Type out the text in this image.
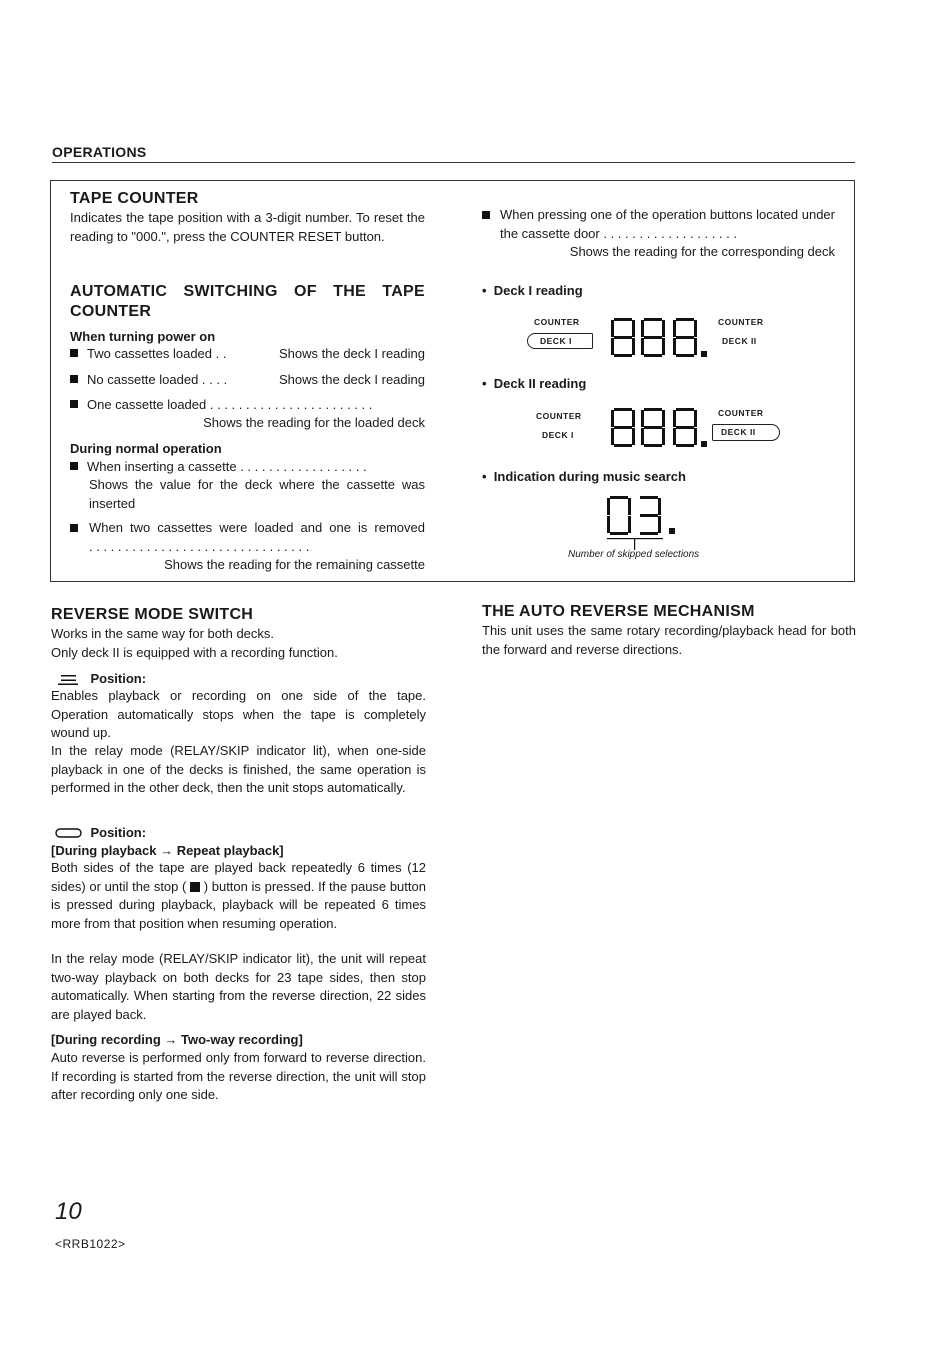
OPERATIONS
TAPE COUNTER
Indicates the tape position with a 3-digit number. To reset the reading to "000.", press the COUNTER RESET button.
AUTOMATIC SWITCHING OF THE TAPE COUNTER
When turning power on
Two cassettes loaded . .	Shows the deck I reading
No cassette loaded . . . .	Shows the deck I reading
One cassette loaded . . . . . . . . . . . . . . . . . . . . . . .
Shows the reading for the loaded deck
During normal operation
When inserting a cassette . . . . . . . . . . . . . . . . . .
Shows the value for the deck where the cassette was inserted
When two cassettes were loaded and one is removed . . . . . . . . . . . . . . . . . . . . . . . . . . . . . . .
Shows the reading for the remaining cassette
When pressing one of the operation buttons located under the cassette door . . . . . . . . . . . . . . . . . . .
Shows the reading for the corresponding deck
•  Deck I reading
COUNTER
DECK I
COUNTER
DECK II
•  Deck II reading
COUNTER
DECK I
COUNTER
DECK II
•  Indication during music search
Number of skipped selections
REVERSE MODE SWITCH
Works in the same way for both decks.
Only deck II is equipped with a recording function.
Position:
Enables playback or recording on one side of the tape. Operation automatically stops when the tape is completely wound up.
In the relay mode (RELAY/SKIP indicator lit), when one-side playback in one of the decks is finished, the same operation is performed in the other deck, then the unit stops automatically.
Position:
[During playback → Repeat playback]
Both sides of the tape are played back repeatedly 6 times (12 sides) or until the stop ( ) button is pressed. If the pause button is pressed during playback, playback will be repeated 6 times more from that position when resuming operation.
In the relay mode (RELAY/SKIP indicator lit), the unit will repeat two-way playback on both decks for 23 tape sides, then stop automatically. When starting from the reverse direction, 22 sides are played back.
[During recording → Two-way recording]
Auto reverse is performed only from forward to reverse direction. If recording is started from the reverse direction, the unit will stop after recording only one side.
THE AUTO REVERSE MECHANISM
This unit uses the same rotary recording/playback head for both the forward and reverse directions.
10
<RRB1022>
